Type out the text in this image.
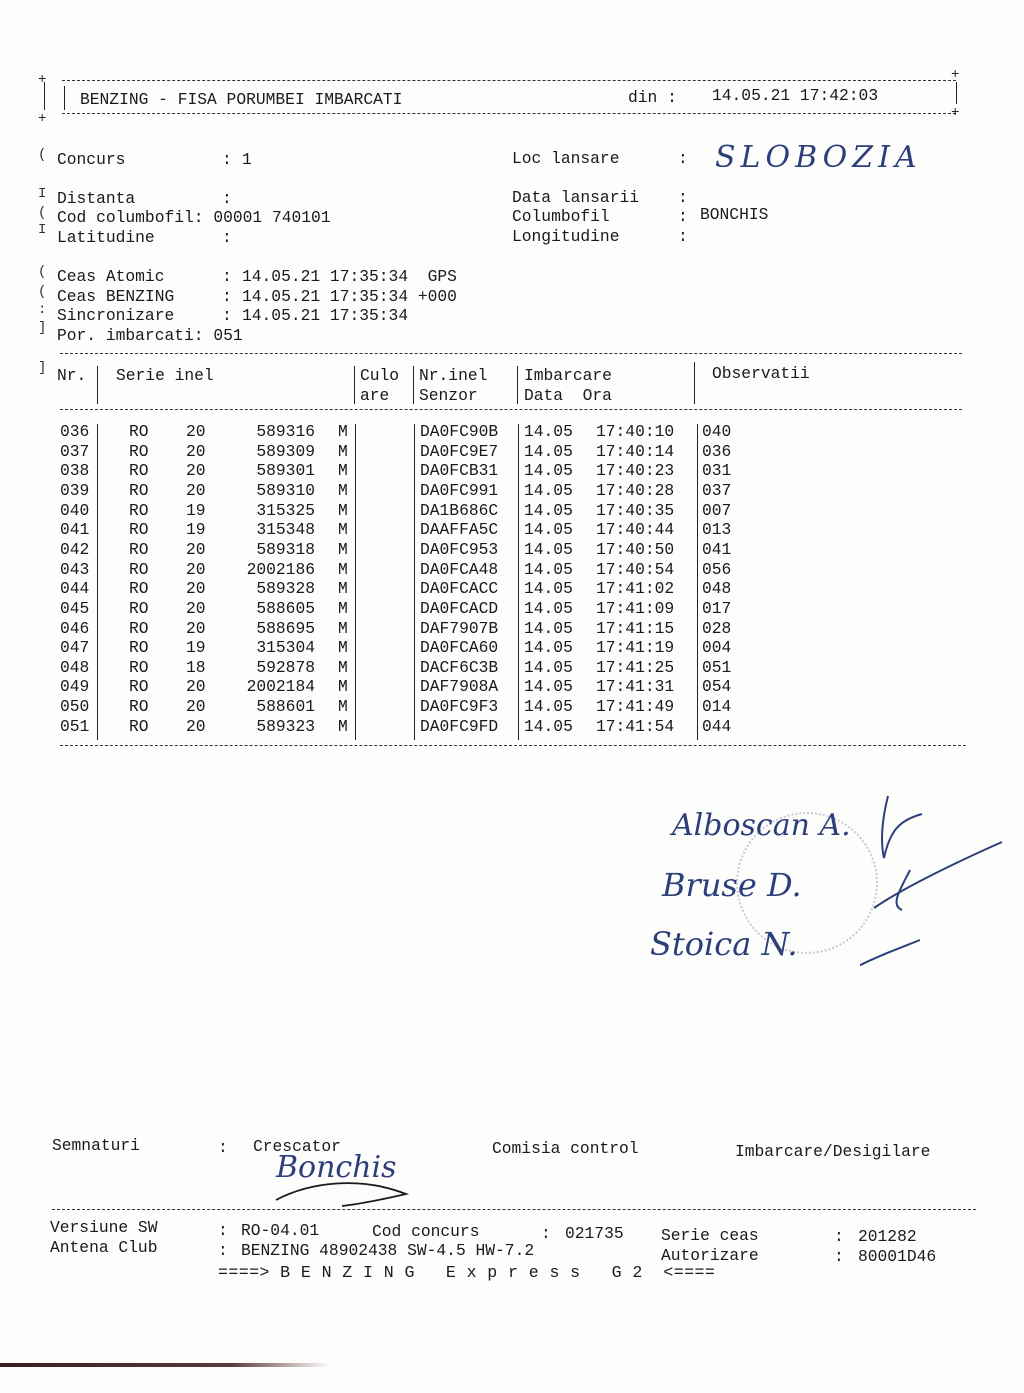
+
+
+
+
BENZING - FISA PORUMBEI IMBARCATI	din : 14.05.21 17:42:03
(
I
(
I
(
(
:
]
]
Concurs	: 1	Loc lansare	: SLOBOZIA
Distanta	:
Cod columbofil: 00001 740101
Latitudine	:
Data lansarii :
Columbofil	: BONCHIS
Longitudine	:
Ceas Atomic	: 14.05.21 17:35:34  GPS
Ceas BENZING	: 14.05.21 17:35:34 +000
Sincronizare	: 14.05.21 17:35:34
Por. imbarcati: 051
Nr. Serie inel	Culo
are
Nr.inel
Senzor
Imbarcare
Data  Ora
Observatii
036 RO 20	589316 M	DA0FC90B 14.05 17:40:10 040
037 RO 20	589309 M	DA0FC9E7 14.05 17:40:14 036
038 RO 20	589301 M	DA0FCB31 14.05 17:40:23 031
039 RO 20	589310 M	DA0FC991 14.05 17:40:28 037
040 RO 19	315325 M	DA1B686C 14.05 17:40:35 007
041 RO 19	315348 M	DAAFFA5C 14.05 17:40:44 013
042 RO 20	589318 M	DA0FC953 14.05 17:40:50 041
043 RO 20	2002186 M	DA0FCA48 14.05 17:40:54 056
044 RO 20	589328 M	DA0FCACC 14.05 17:41:02 048
045 RO 20	588605 M	DA0FCACD 14.05 17:41:09 017
046 RO 20	588695 M	DAF7907B 14.05 17:41:15 028
047 RO 19	315304 M	DA0FCA60 14.05 17:41:19 004
048 RO 18	592878 M	DACF6C3B 14.05 17:41:25 051
049 RO 20	2002184 M	DAF7908A 14.05 17:41:31 054
050 RO 20	588601 M	DA0FC9F3 14.05 17:41:49 014
051 RO 20	589323 M	DA0FC9FD 14.05 17:41:54 044
Alboscan A.
Bruse D.
Stoica N.
Semnaturi	: Crescator
Bonchis
Comisia control	Imbarcare/Desigilare
Versiune SW
Antena Club
: RO-04.01	Cod concurs	: 021735 Serie ceas	: 201282
: BENZING 48902438 SW-4.5 HW-7.2	Autorizare	: 80001D46
====> B E N Z I N G   E x p r e s s   G 2  <====
